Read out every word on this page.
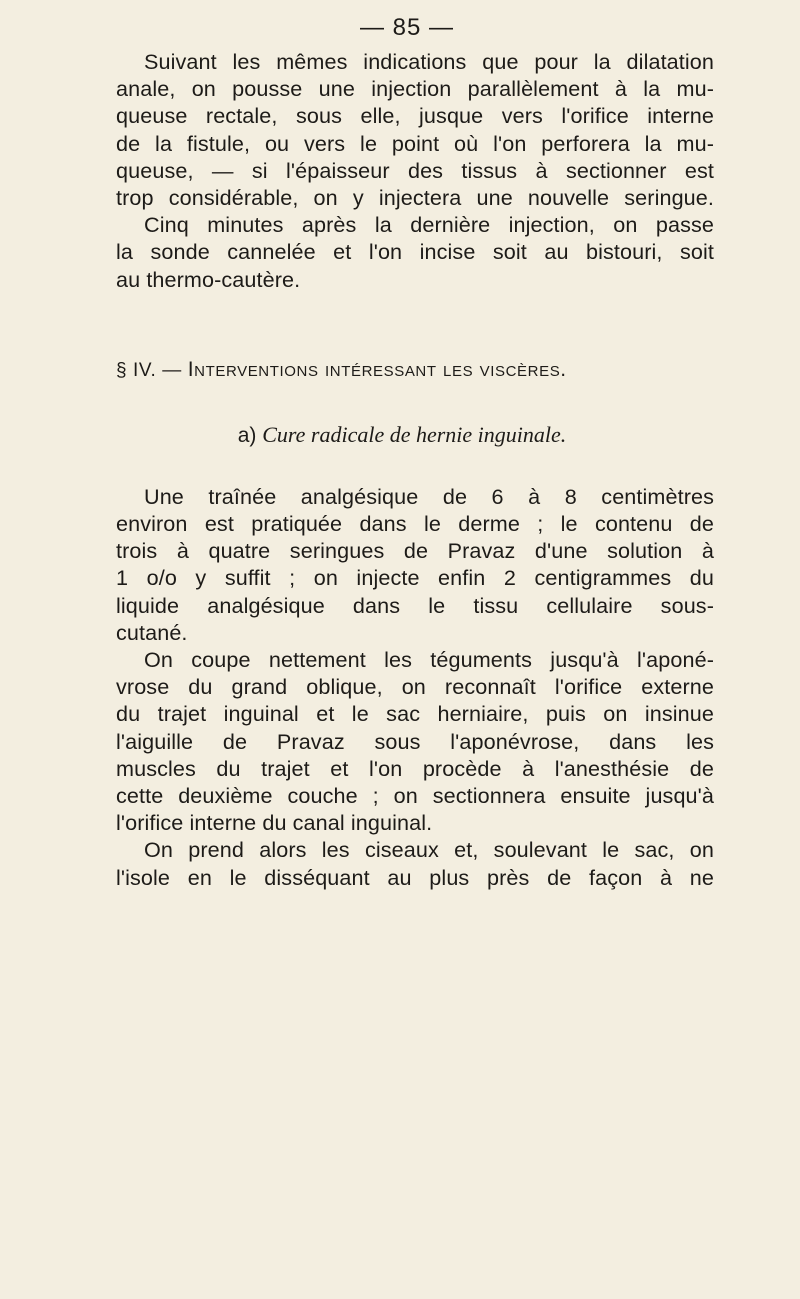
— 85 —

Suivant les mêmes indications que pour la dilatation
anale, on pousse une injection parallèlement à la mu-
queuse rectale, sous elle, jusque vers l'orifice interne
de la fistule, ou vers le point où l'on perforera la mu-
queuse, — si l'épaisseur des tissus à sectionner est
trop considérable, on y injectera une nouvelle seringue.

Cinq minutes après la dernière injection, on passe
la sonde cannelée et l'on incise soit au bistouri, soit
au thermo-cautère.

§ IV. — Interventions intéressant les viscères.
a) Cure radicale de hernie inguinale.

Une traînée analgésique de 6 à 8 centimètres
environ est pratiquée dans le derme ; le contenu de
trois à quatre seringues de Pravaz d'une solution à
1 o/o y suffit ; on injecte enfin 2 centigrammes du
liquide analgésique dans le tissu cellulaire sous-
cutané.

On coupe nettement les téguments jusqu'à l'aponé-
vrose du grand oblique, on reconnaît l'orifice externe
du trajet inguinal et le sac herniaire, puis on insinue
l'aiguille de Pravaz sous l'aponévrose, dans les
muscles du trajet et l'on procède à l'anesthésie de
cette deuxième couche ; on sectionnera ensuite jusqu'à
l'orifice interne du canal inguinal.

On prend alors les ciseaux et, soulevant le sac, on
l'isole en le disséquant au plus près de façon à ne
